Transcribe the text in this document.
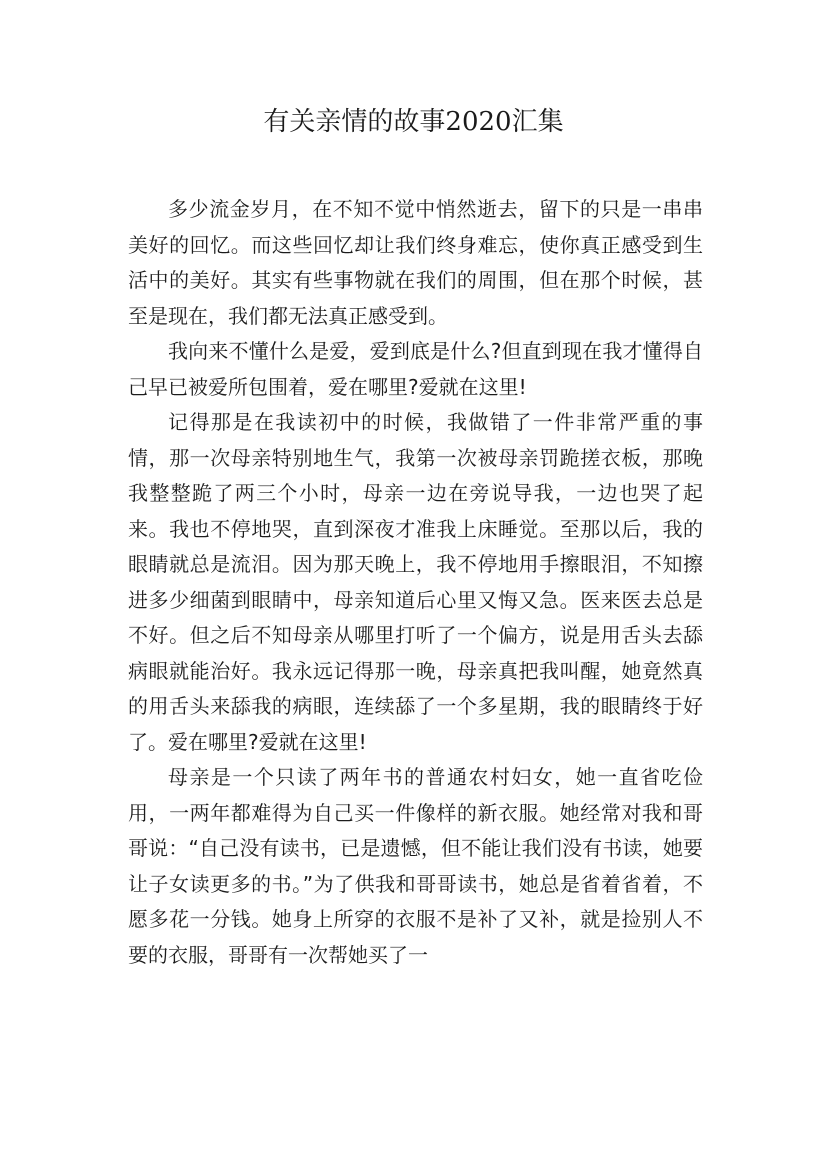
有关亲情的故事2020汇集

多少流金岁月，在不知不觉中悄然逝去，留下的只是一串串美好的回忆。而这些回忆却让我们终身难忘，使你真正感受到生活中的美好。其实有些事物就在我们的周围，但在那个时候，甚至是现在，我们都无法真正感受到。

我向来不懂什么是爱，爱到底是什么?但直到现在我才懂得自己早已被爱所包围着，爱在哪里?爱就在这里!

记得那是在我读初中的时候，我做错了一件非常严重的事情，那一次母亲特别地生气，我第一次被母亲罚跪搓衣板，那晚我整整跪了两三个小时，母亲一边在旁说导我，一边也哭了起来。我也不停地哭，直到深夜才准我上床睡觉。至那以后，我的眼睛就总是流泪。因为那天晚上，我不停地用手擦眼泪，不知擦进多少细菌到眼睛中，母亲知道后心里又悔又急。医来医去总是不好。但之后不知母亲从哪里打听了一个偏方，说是用舌头去舔病眼就能治好。我永远记得那一晚，母亲真把我叫醒，她竟然真的用舌头来舔我的病眼，连续舔了一个多星期，我的眼睛终于好了。爱在哪里?爱就在这里!

母亲是一个只读了两年书的普通农村妇女，她一直省吃俭用，一两年都难得为自己买一件像样的新衣服。她经常对我和哥哥说：“自己没有读书，已是遗憾，但不能让我们没有书读，她要让子女读更多的书。”为了供我和哥哥读书，她总是省着省着，不愿多花一分钱。她身上所穿的衣服不是补了又补，就是捡别人不要的衣服，哥哥有一次帮她买了一
